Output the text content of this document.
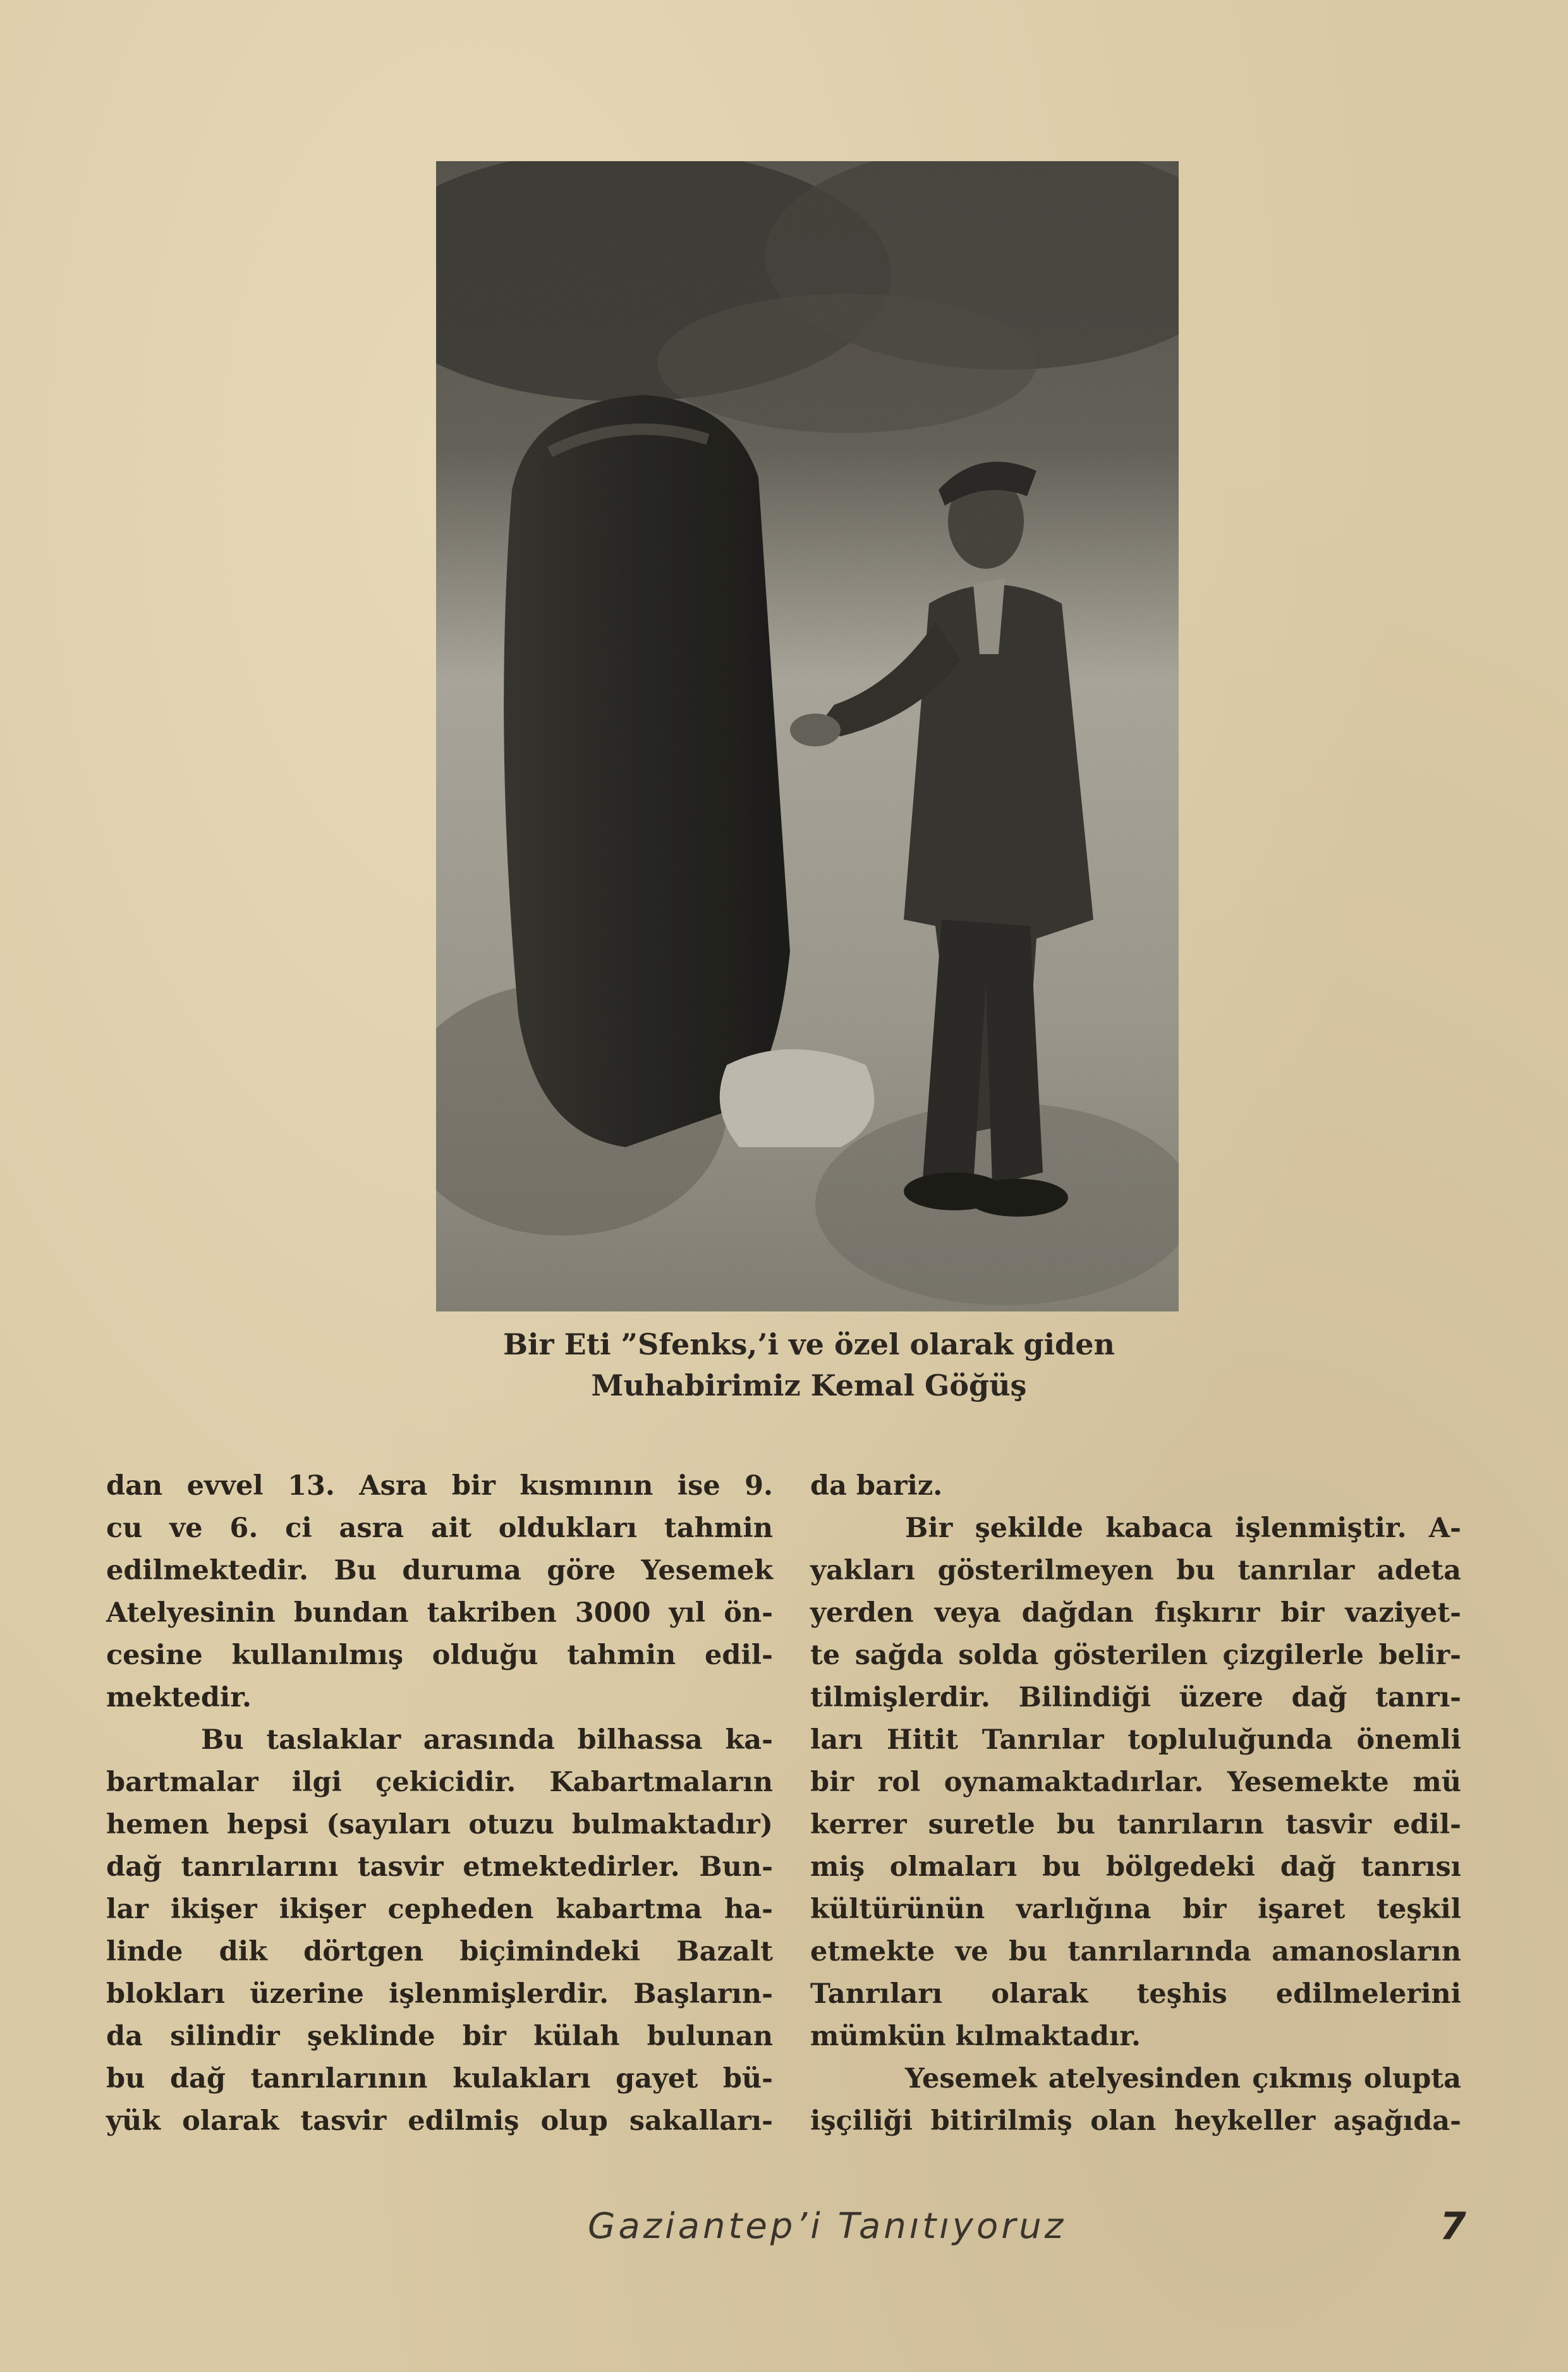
Bir Eti ”Sfenks,’i ve özel olarak giden
Muhabirimiz Kemal Göğüş
dan evvel 13. Asra bir kısmının ise 9.
cu ve 6. ci asra ait oldukları tahmin
edilmektedir. Bu duruma göre Yesemek
Atelyesinin bundan takriben 3000 yıl ön-
cesine kullanılmış olduğu tahmin edil-
mektedir.
Bu taslaklar arasında bilhassa ka-
bartmalar ilgi çekicidir. Kabartmaların
hemen hepsi (sayıları otuzu bulmaktadır)
dağ tanrılarını tasvir etmektedirler. Bun-
lar ikişer ikişer cepheden kabartma ha-
linde dik dörtgen biçimindeki Bazalt
blokları üzerine işlenmişlerdir. Başların-
da silindir şeklinde bir külah bulunan
bu dağ tanrılarının kulakları gayet bü-
yük olarak tasvir edilmiş olup sakalları-
da bariz.
Bir şekilde kabaca işlenmiştir. A-
yakları gösterilmeyen bu tanrılar adeta
yerden veya dağdan fışkırır bir vaziyet-
te sağda solda gösterilen çizgilerle belir-
tilmişlerdir. Bilindiği üzere dağ tanrı-
ları Hitit Tanrılar topluluğunda önemli
bir rol oynamaktadırlar. Yesemekte mü
kerrer suretle bu tanrıların tasvir edil-
miş olmaları bu bölgedeki dağ tanrısı
kültürünün varlığına bir işaret teşkil
etmekte ve bu tanrılarında amanosların
Tanrıları olarak teşhis edilmelerini
mümkün kılmaktadır.
Yesemek atelyesinden çıkmış olupta
işçiliği bitirilmiş olan heykeller aşağıda-
Gaziantep’i Tanıtıyoruz	7
